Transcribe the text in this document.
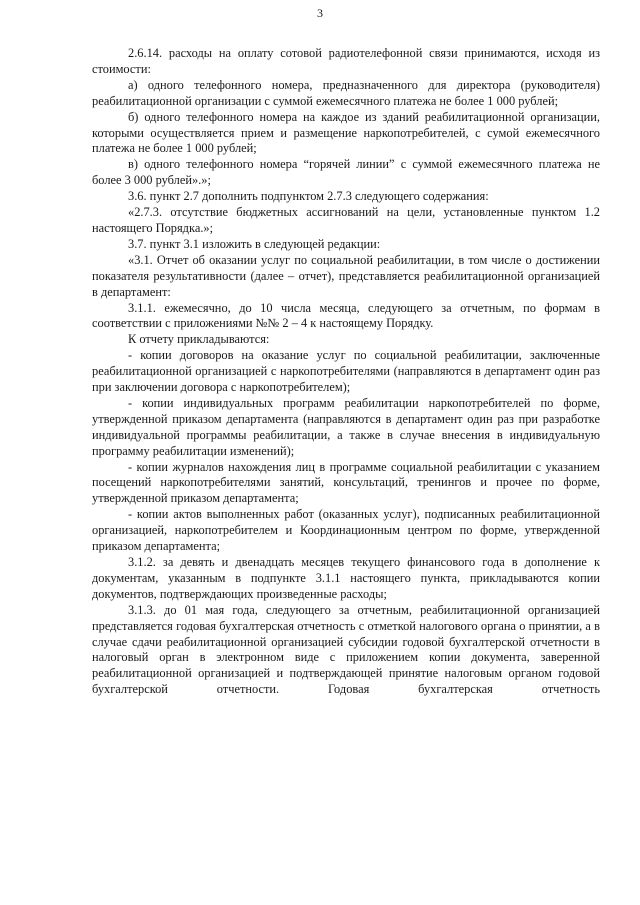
3

2.6.14. расходы на оплату сотовой радиотелефонной связи принимаются, исходя из стоимости:

а) одного телефонного номера, предназначенного для директора (руководителя) реабилитационной организации с суммой ежемесячного платежа не более 1 000 рублей;

б) одного телефонного номера на каждое из зданий реабилитационной организации, которыми осуществляется прием и размещение наркопотребителей, с сумой ежемесячного платежа не более 1 000 рублей;

в) одного телефонного номера “горячей линии” с суммой ежемесячного платежа не более 3 000 рублей».»;

3.6. пункт 2.7 дополнить подпунктом 2.7.3 следующего содержания:

«2.7.3. отсутствие бюджетных ассигнований на цели, установленные пунктом 1.2 настоящего Порядка.»;

3.7. пункт 3.1 изложить в следующей редакции:

«3.1. Отчет об оказании услуг по социальной реабилитации, в том числе о достижении показателя результативности (далее – отчет), представляется реабилитационной организацией в департамент:

3.1.1. ежемесячно, до 10 числа месяца, следующего за отчетным, по формам в соответствии с приложениями №№ 2 – 4 к настоящему Порядку.

К отчету прикладываются:

- копии договоров на оказание услуг по социальной реабилитации, заключенные реабилитационной организацией с наркопотребителями (направляются в департамент один раз при заключении договора с наркопотребителем);

- копии индивидуальных программ реабилитации наркопотребителей по форме, утвержденной приказом департамента (направляются в департамент один раз при разработке индивидуальной программы реабилитации, а также в случае внесения в индивидуальную программу реабилитации изменений);

- копии журналов нахождения лиц в программе социальной реабилитации с указанием посещений наркопотребителями занятий, консультаций, тренингов и прочее по форме, утвержденной приказом департамента;

- копии актов выполненных работ (оказанных услуг), подписанных реабилитационной организацией, наркопотребителем и Координационным центром по форме, утвержденной приказом департамента;

3.1.2. за девять и двенадцать месяцев текущего финансового года в дополнение к документам, указанным в подпункте 3.1.1 настоящего пункта, прикладываются копии документов, подтверждающих произведенные расходы;

3.1.3. до 01 мая года, следующего за отчетным, реабилитационной организацией представляется годовая бухгалтерская отчетность с отметкой налогового органа о принятии, а в случае сдачи реабилитационной организацией субсидии годовой бухгалтерской отчетности в налоговый орган в электронном виде с приложением копии документа, заверенной реабилитационной организацией и подтверждающей принятие налоговым органом годовой бухгалтерской отчетности. Годовая бухгалтерская отчетность
